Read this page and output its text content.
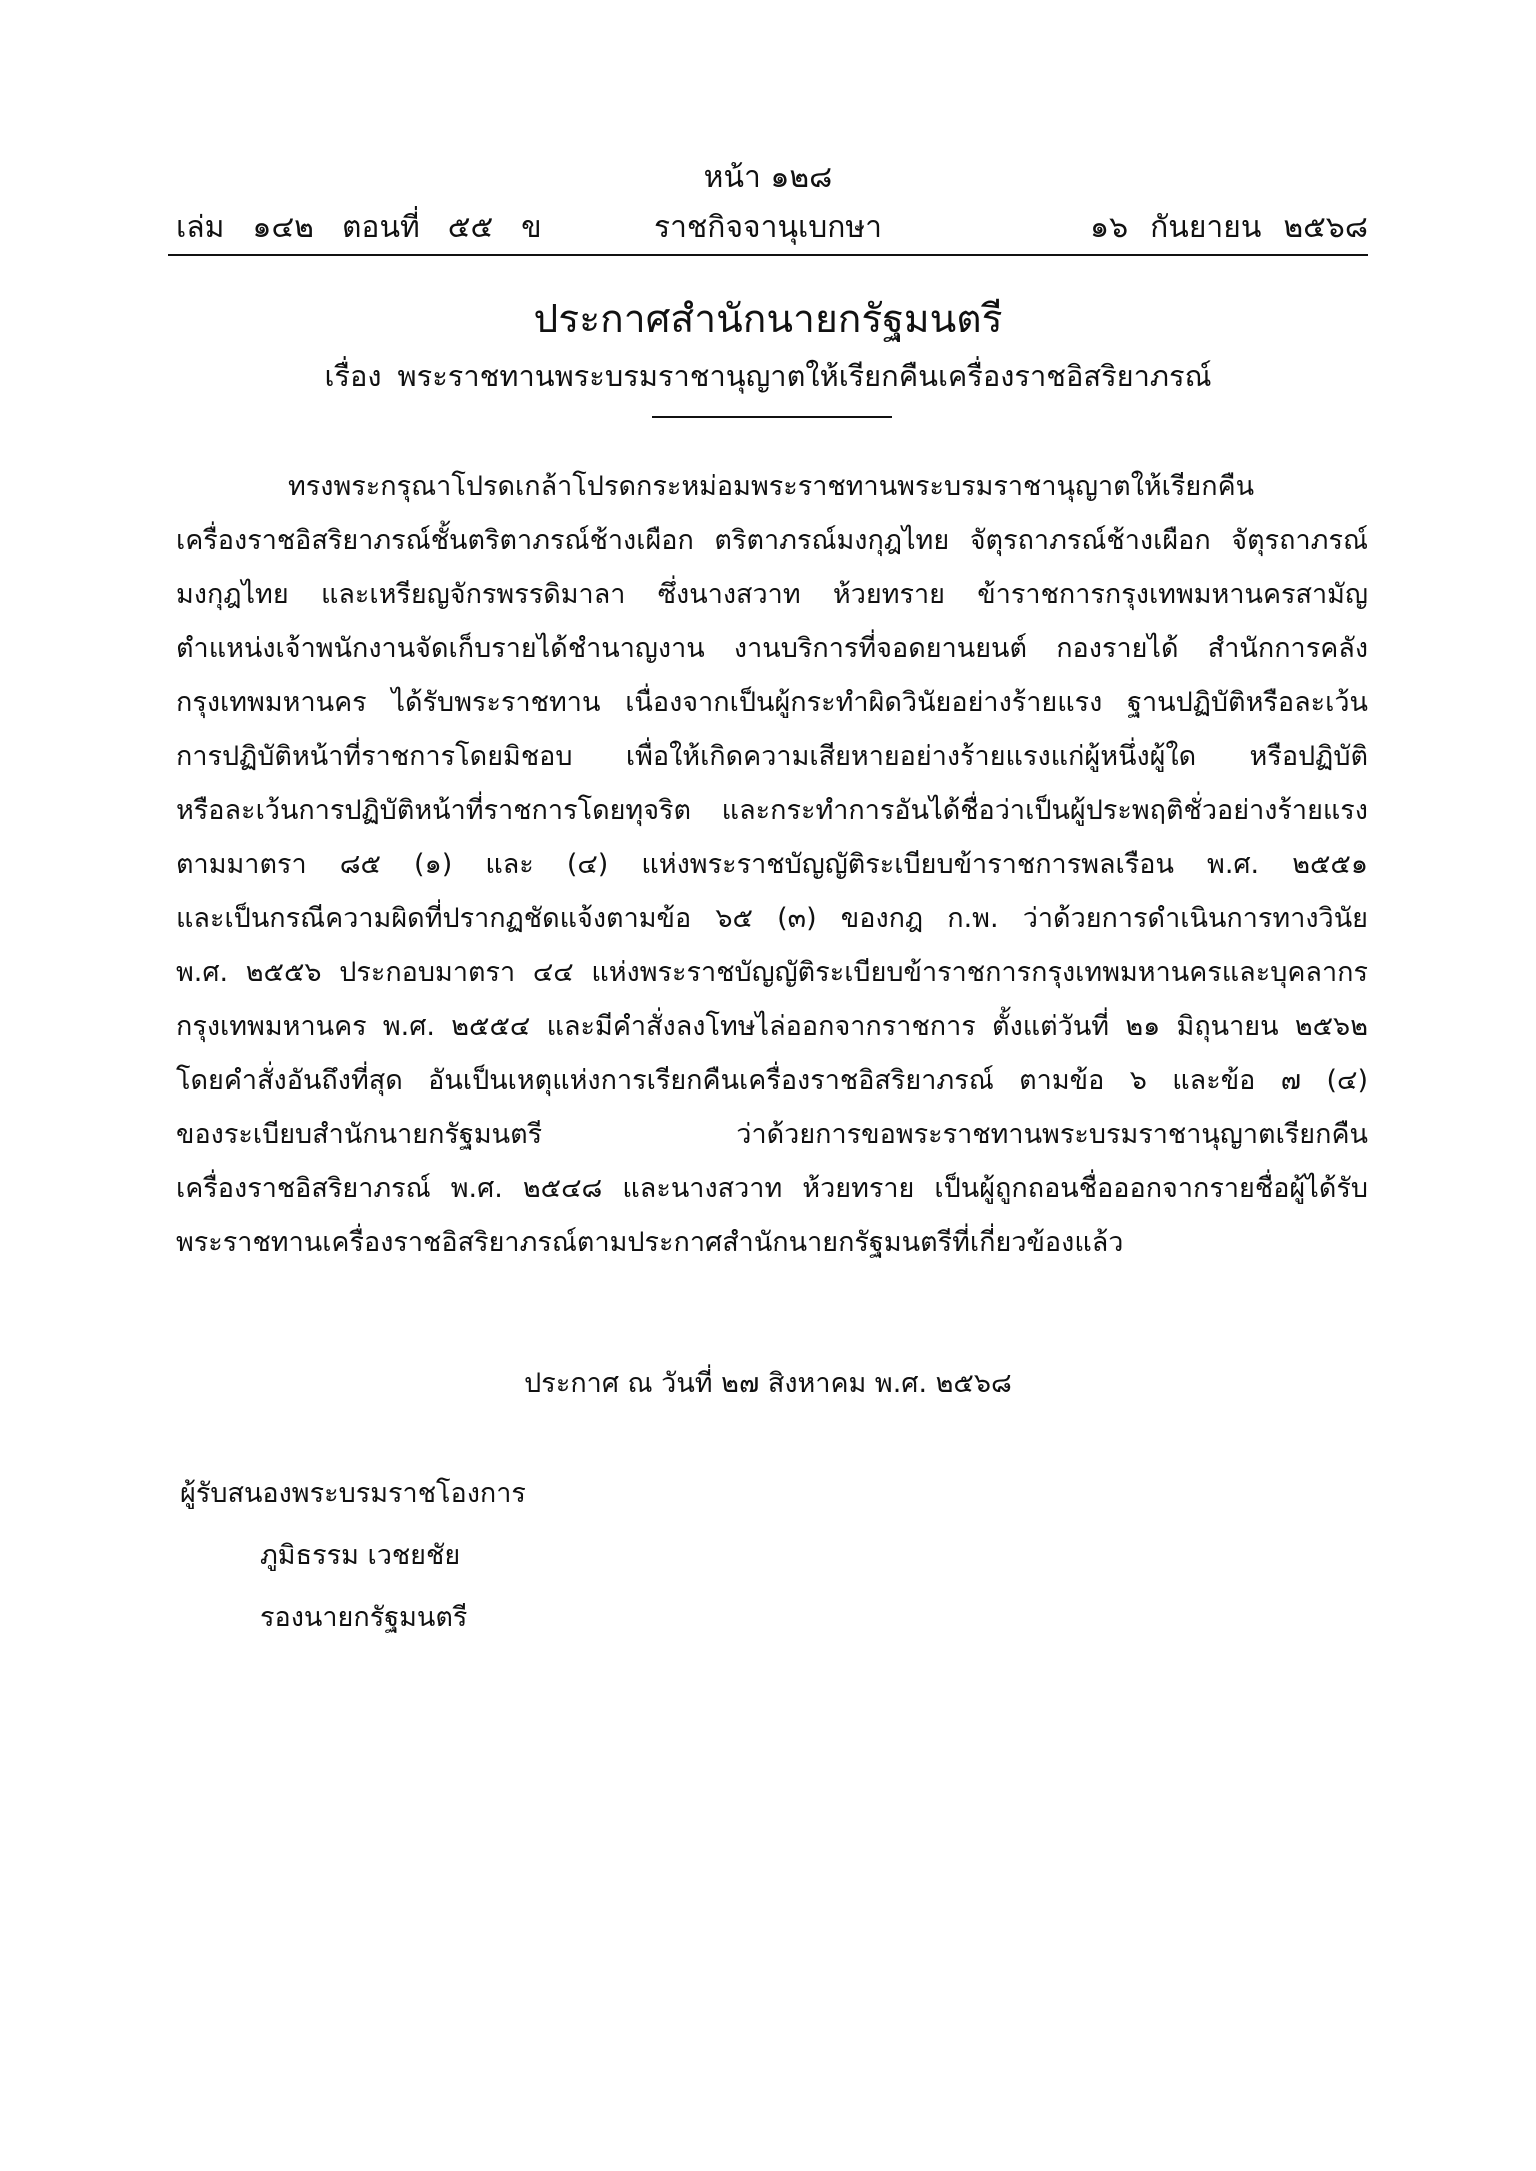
หน้า ๑๒๘
เล่ม ๑๔๒ ตอนที่ ๕๕ ข	ราชกิจจานุเบกษา	๑๖ กันยายน ๒๕๖๘
ประกาศสำนักนายกรัฐมนตรี
เรื่อง พระราชทานพระบรมราชานุญาตให้เรียกคืนเครื่องราชอิสริยาภรณ์
ทรงพระกรุณาโปรดเกล้าโปรดกระหม่อมพระราชทานพระบรมราชานุญาตให้เรียกคืน
เครื่องราชอิสริยาภรณ์ชั้นตริตาภรณ์ช้างเผือก ตริตาภรณ์มงกุฎไทย จัตุรถาภรณ์ช้างเผือก จัตุรถาภรณ์
มงกุฎไทย และเหรียญจักรพรรดิมาลา ซึ่งนางสวาท ห้วยทราย ข้าราชการกรุงเทพมหานครสามัญ
ตำแหน่งเจ้าพนักงานจัดเก็บรายได้ชำนาญงาน งานบริการที่จอดยานยนต์ กองรายได้ สำนักการคลัง
กรุงเทพมหานคร ได้รับพระราชทาน เนื่องจากเป็นผู้กระทำผิดวินัยอย่างร้ายแรง ฐานปฏิบัติหรือละเว้น
การปฏิบัติหน้าที่ราชการโดยมิชอบ เพื่อให้เกิดความเสียหายอย่างร้ายแรงแก่ผู้หนึ่งผู้ใด หรือปฏิบัติ
หรือละเว้นการปฏิบัติหน้าที่ราชการโดยทุจริต และกระทำการอันได้ชื่อว่าเป็นผู้ประพฤติชั่วอย่างร้ายแรง
ตามมาตรา ๘๕ (๑) และ (๔) แห่งพระราชบัญญัติระเบียบข้าราชการพลเรือน พ.ศ. ๒๕๕๑
และเป็นกรณีความผิดที่ปรากฏชัดแจ้งตามข้อ ๖๕ (๓) ของกฎ ก.พ. ว่าด้วยการดำเนินการทางวินัย
พ.ศ. ๒๕๕๖ ประกอบมาตรา ๔๔ แห่งพระราชบัญญัติระเบียบข้าราชการกรุงเทพมหานครและบุคลากร
กรุงเทพมหานคร พ.ศ. ๒๕๕๔ และมีคำสั่งลงโทษไล่ออกจากราชการ ตั้งแต่วันที่ ๒๑ มิถุนายน ๒๕๖๒
โดยคำสั่งอันถึงที่สุด อันเป็นเหตุแห่งการเรียกคืนเครื่องราชอิสริยาภรณ์ ตามข้อ ๖ และข้อ ๗ (๔)
ของระเบียบสำนักนายกรัฐมนตรี ว่าด้วยการขอพระราชทานพระบรมราชานุญาตเรียกคืน
เครื่องราชอิสริยาภรณ์ พ.ศ. ๒๕๔๘ และนางสวาท ห้วยทราย เป็นผู้ถูกถอนชื่อออกจากรายชื่อผู้ได้รับ
พระราชทานเครื่องราชอิสริยาภรณ์ตามประกาศสำนักนายกรัฐมนตรีที่เกี่ยวข้องแล้ว
ประกาศ ณ วันที่ ๒๗ สิงหาคม พ.ศ. ๒๕๖๘
ผู้รับสนองพระบรมราชโองการ
ภูมิธรรม เวชยชัย
รองนายกรัฐมนตรี
